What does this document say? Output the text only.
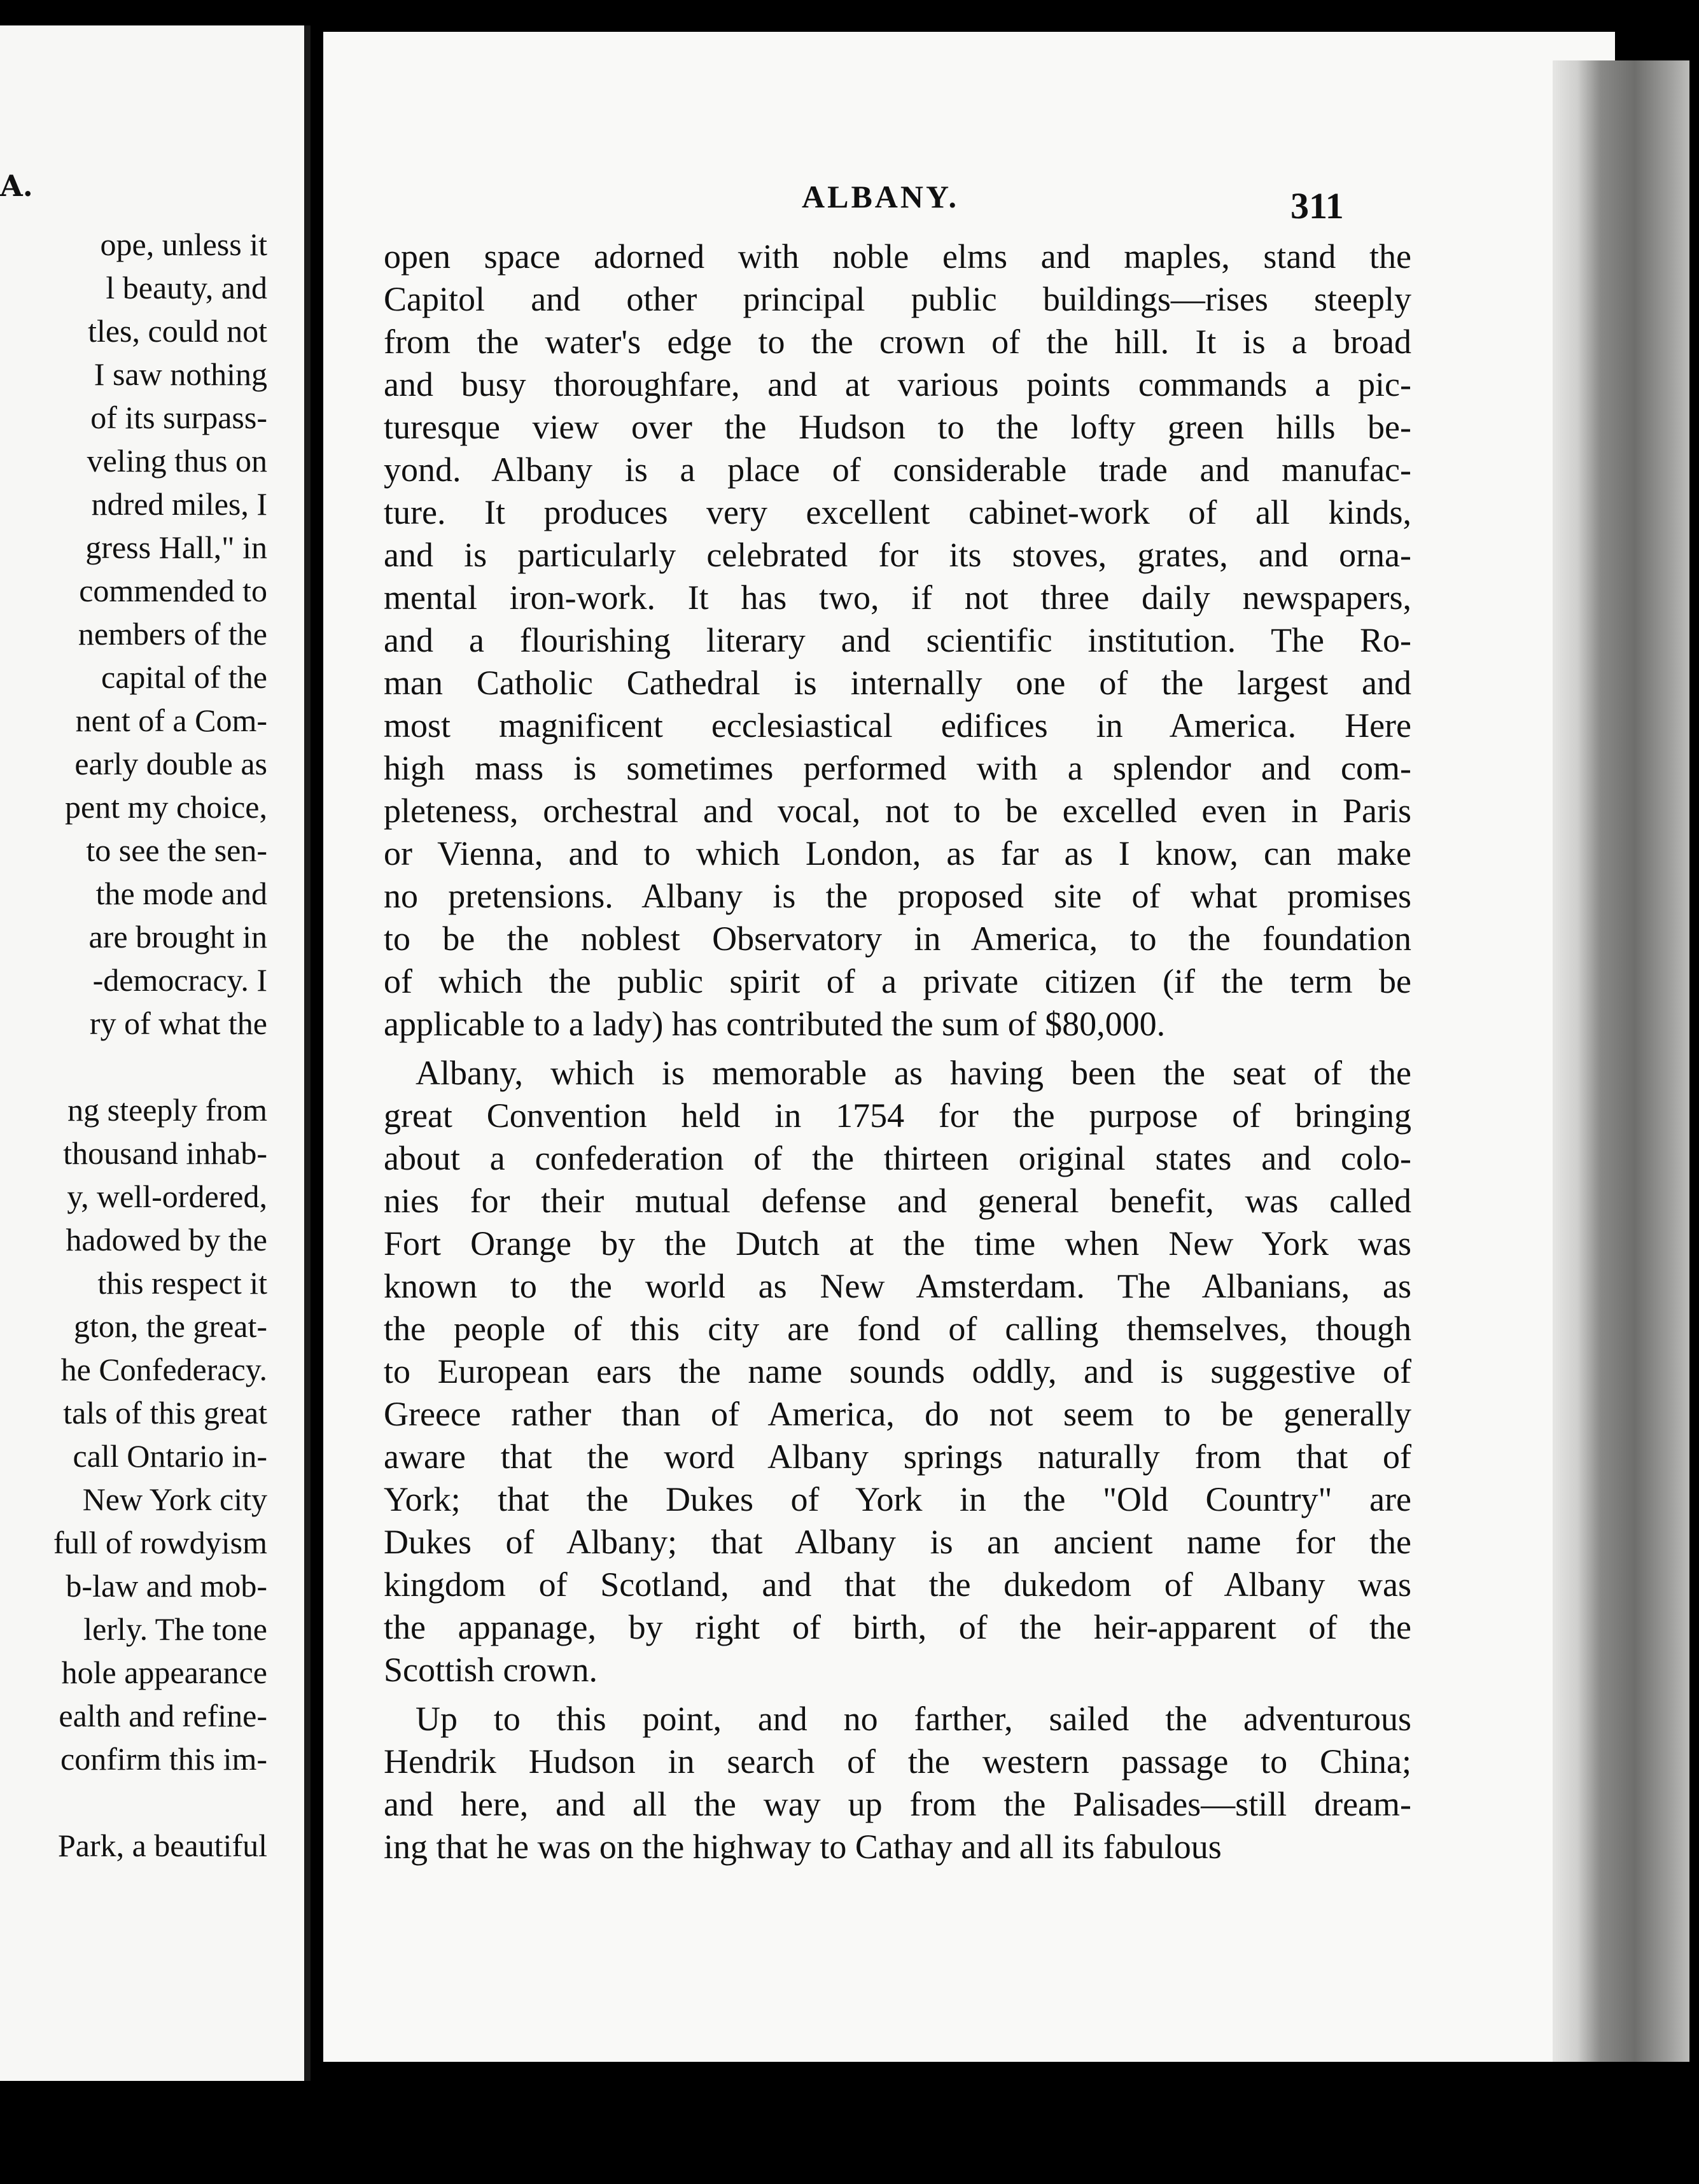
A.
ope, unless it
l beauty, and
tles, could not
I saw nothing
of its surpass-
veling thus on
ndred miles, I
gress Hall," in
commended to
nembers of the
capital of the
nent of a Com-
early double as
pent my choice,
to see the sen-
the mode and
are brought in
-democracy. I
ry of what the
ng steeply from
thousand inhab-
y, well-ordered,
hadowed by the
this respect it
gton, the great-
he Confederacy.
tals of this great
call Ontario in-
New York city
full of rowdyism
b-law and mob-
lerly. The tone
hole appearance
ealth and refine-
confirm this im-
Park, a beautiful
ALBANY.	311
open space adorned with noble elms and maples, stand the
Capitol and other principal public buildings—rises steeply
from the water's edge to the crown of the hill. It is a broad
and busy thoroughfare, and at various points commands a pic-
turesque view over the Hudson to the lofty green hills be-
yond. Albany is a place of considerable trade and manufac-
ture. It produces very excellent cabinet-work of all kinds,
and is particularly celebrated for its stoves, grates, and orna-
mental iron-work. It has two, if not three daily newspapers,
and a flourishing literary and scientific institution. The Ro-
man Catholic Cathedral is internally one of the largest and
most magnificent ecclesiastical edifices in America. Here
high mass is sometimes performed with a splendor and com-
pleteness, orchestral and vocal, not to be excelled even in Paris
or Vienna, and to which London, as far as I know, can make
no pretensions. Albany is the proposed site of what promises
to be the noblest Observatory in America, to the foundation
of which the public spirit of a private citizen (if the term be
applicable to a lady) has contributed the sum of $80,000.
Albany, which is memorable as having been the seat of the
great Convention held in 1754 for the purpose of bringing
about a confederation of the thirteen original states and colo-
nies for their mutual defense and general benefit, was called
Fort Orange by the Dutch at the time when New York was
known to the world as New Amsterdam. The Albanians, as
the people of this city are fond of calling themselves, though
to European ears the name sounds oddly, and is suggestive of
Greece rather than of America, do not seem to be generally
aware that the word Albany springs naturally from that of
York; that the Dukes of York in the "Old Country" are
Dukes of Albany; that Albany is an ancient name for the
kingdom of Scotland, and that the dukedom of Albany was
the appanage, by right of birth, of the heir-apparent of the
Scottish crown.
Up to this point, and no farther, sailed the adventurous
Hendrik Hudson in search of the western passage to China;
and here, and all the way up from the Palisades—still dream-
ing that he was on the highway to Cathay and all its fabulous
